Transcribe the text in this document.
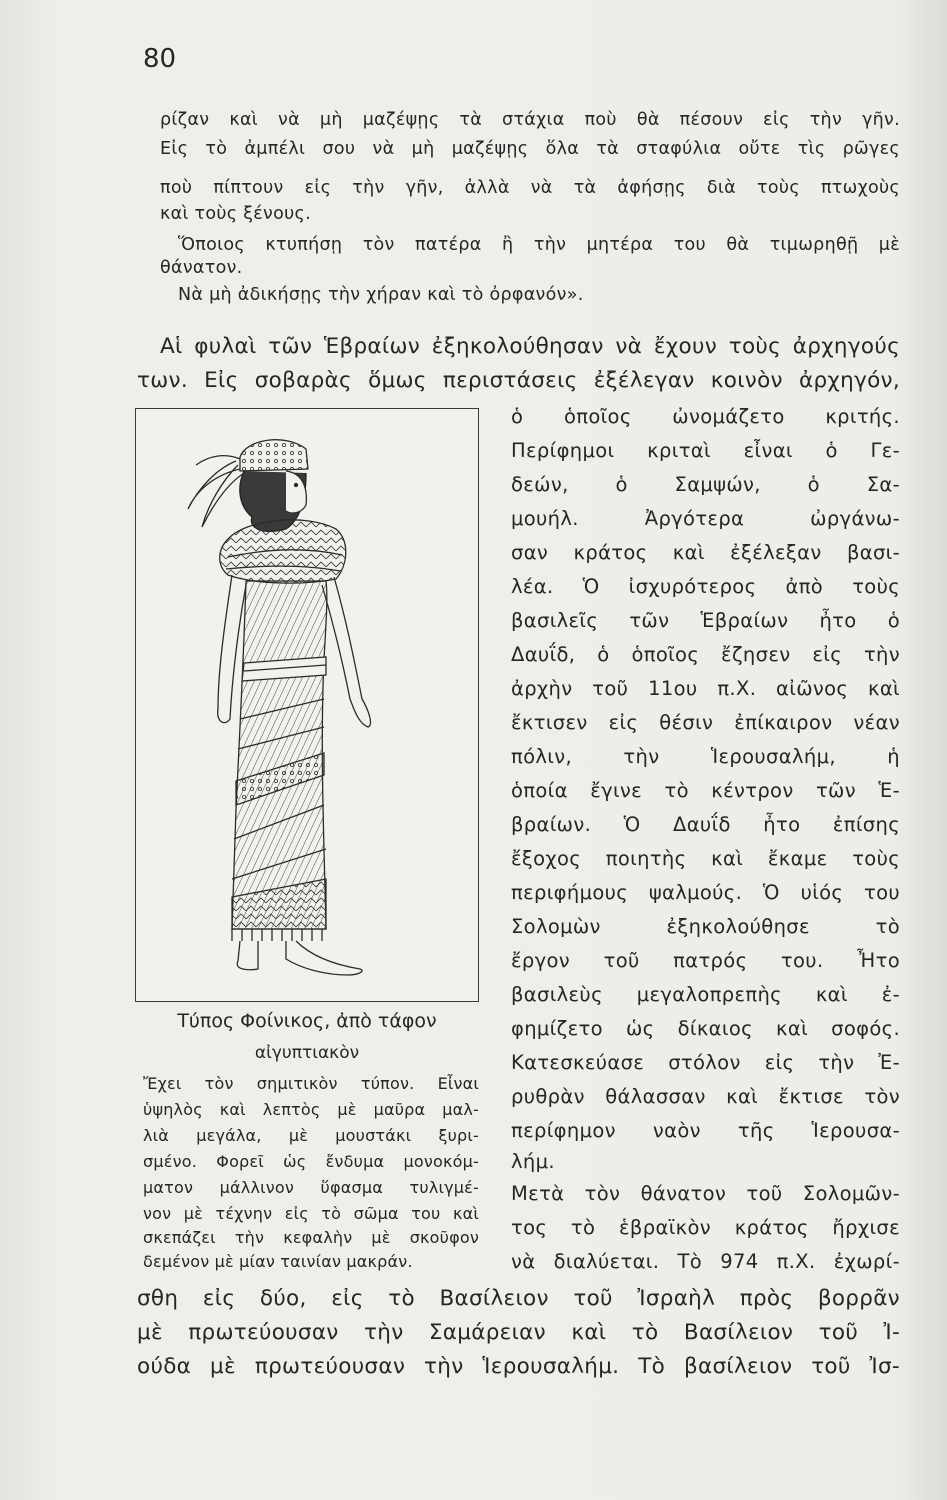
80

ρίζαν καὶ νὰ μὴ μαζέψῃς τὰ στάχια ποὺ θὰ πέσουν εἰς τὴν γῆν.

Εἰς τὸ ἀμπέλι σου νὰ μὴ μαζέψῃς ὅλα τὰ σταφύλια οὔτε τὶς ρῶγες

ποὺ πίπτουν εἰς τὴν γῆν, ἀλλὰ νὰ τὰ ἀφήσῃς διὰ τοὺς πτωχοὺς

καὶ τοὺς ξένους.

Ὅποιος κτυπήσῃ τὸν πατέρα ἢ τὴν μητέρα του θὰ τιμωρηθῇ μὲ

θάνατον.

Νὰ μὴ ἀδικήσῃς τὴν χήραν καὶ τὸ ὀρφανόν».

Αἱ φυλαὶ τῶν Ἑβραίων ἐξηκολούθησαν νὰ ἔχουν τοὺς ἀρχηγούς

των. Εἰς σοβαρὰς ὅμως περιστάσεις ἐξέλεγαν κοινὸν ἀρχηγόν,

ὁ ὁποῖος ὠνομάζετο κριτής.

Περίφημοι κριταὶ εἶναι ὁ Γε-

δεών, ὁ Σαμψών, ὁ Σα-

μουήλ. Ἀργότερα ὠργάνω-

σαν κράτος καὶ ἐξέλεξαν βασι-

λέα. Ὁ ἰσχυρότερος ἀπὸ τοὺς

βασιλεῖς τῶν Ἑβραίων ἦτο ὁ

Δαυΐδ, ὁ ὁποῖος ἔζησεν εἰς τὴν

ἀρχὴν τοῦ 11ου π.Χ. αἰῶνος καὶ

ἔκτισεν εἰς θέσιν ἐπίκαιρον νέαν

πόλιν, τὴν Ἱερουσαλήμ, ἡ

ὁποία ἔγινε τὸ κέντρον τῶν Ἑ-

βραίων. Ὁ Δαυΐδ ἦτο ἐπίσης

ἔξοχος ποιητὴς καὶ ἔκαμε τοὺς

περιφήμους ψαλμούς. Ὁ υἱός του

Σολομὼν ἐξηκολούθησε τὸ

ἔργον τοῦ πατρός του. Ἦτο

βασιλεὺς μεγαλοπρεπὴς καὶ ἐ-

φημίζετο ὡς δίκαιος καὶ σοφός.

Κατεσκεύασε στόλον εἰς τὴν Ἐ-

ρυθρὰν θάλασσαν καὶ ἔκτισε τὸν

περίφημον ναὸν τῆς Ἱερουσα-

λήμ.

Μετὰ τὸν θάνατον τοῦ Σολομῶν-

τος τὸ ἑβραϊκὸν κράτος ἤρχισε

νὰ διαλύεται. Τὸ 974 π.Χ. ἐχωρί-

σθη εἰς δύο, εἰς τὸ Βασίλειον τοῦ Ἰσραὴλ πρὸς βορρᾶν

μὲ πρωτεύουσαν τὴν Σαμάρειαν καὶ τὸ Βασίλειον τοῦ Ἰ-

ούδα μὲ πρωτεύουσαν τὴν Ἱερουσαλήμ. Τὸ βασίλειον τοῦ Ἰσ-

Τύπος Φοίνικος, ἀπὸ τάφον
αἰγυπτιακὸν

Ἔχει τὸν σημιτικὸν τύπον. Εἶναι

ὑψηλὸς καὶ λεπτὸς μὲ μαῦρα μαλ-

λιὰ μεγάλα, μὲ μουστάκι ξυρι-

σμένο. Φορεῖ ὡς ἔνδυμα μονοκόμ-

ματον μάλλινον ὕφασμα τυλιγμέ-

νον μὲ τέχνην εἰς τὸ σῶμα του καὶ

σκεπάζει τὴν κεφαλὴν μὲ σκοῦφον

δεμένον μὲ μίαν ταινίαν μακράν.
